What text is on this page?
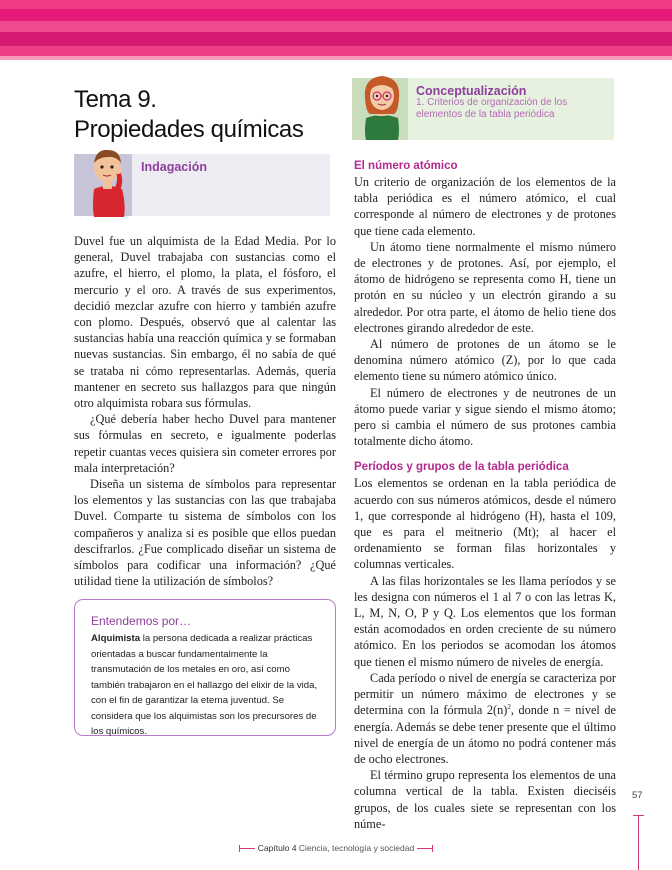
Tema 9.
Propiedades químicas
Indagación
Conceptualización
1. Criterios de organización de los elementos de la tabla periódica

Duvel fue un alquimista de la Edad Media. Por lo general, Duvel trabajaba con sustancias como el azufre, el hierro, el plomo, la plata, el fósforo, el mercurio y el oro. A través de sus experimentos, decidió mezclar azufre con hierro y también azufre con plomo. Después, observó que al calentar las sustancias había una reacción química y se formaban nuevas sustancias. Sin embargo, él no sabía de qué se trataba ni cómo representarlas. Además, quería mantener en secreto sus hallazgos para que ningún otro alquimista robara sus fórmulas.

¿Qué debería haber hecho Duvel para mantener sus fórmulas en secreto, e igualmente poderlas repetir cuantas veces quisiera sin cometer errores por mala interpretación?

Diseña un sistema de símbolos para representar los elementos y las sustancias con las que trabajaba Duvel. Comparte tu sistema de símbolos con los compañeros y analiza si es posible que ellos puedan descifrarlos. ¿Fue complicado diseñar un sistema de símbolos para codificar una información? ¿Qué utilidad tiene la utilización de símbolos?

Entendemos por…
Alquimista la persona dedicada a realizar prácticas orientadas a buscar fundamentalmente la transmutación de los metales en oro, así como también trabajaron en el hallazgo del elixir de la vida, con el fin de garantizar la eterna juventud. Se considera que los alquimistas son los precursores de los químicos.
El número atómico

Un criterio de organización de los elementos de la tabla periódica es el número atómico, el cual corresponde al número de electrones y de protones que tiene cada elemento.

Un átomo tiene normalmente el mismo número de electrones y de protones. Así, por ejemplo, el átomo de hidrógeno se representa como H, tiene un protón en su núcleo y un electrón girando a su alrededor. Por otra parte, el átomo de helio tiene dos electrones girando alrededor de este.

Al número de protones de un átomo se le denomina número atómico (Z), por lo que cada elemento tiene su número atómico único.

El número de electrones y de neutrones de un átomo puede variar y sigue siendo el mismo átomo; pero si cambia el número de sus protones cambia totalmente dicho átomo.

Períodos y grupos de la tabla periódica

Los elementos se ordenan en la tabla periódica de acuerdo con sus números atómicos, desde el número 1, que corresponde al hidrógeno (H), hasta el 109, que es para el meitnerio (Mt); al hacer el ordenamiento se forman filas horizontales y columnas verticales.

A las filas horizontales se les llama períodos y se les designa con números el 1 al 7 o con las letras K, L, M, N, O, P y Q. Los elementos que los forman están acomodados en orden creciente de su número atómico. En los periodos se acomodan los átomos que tienen el mismo número de niveles de energía.

Cada período o nivel de energía se caracteriza por permitir un número máximo de electrones y se determina con la fórmula $2(n)^2$, donde n = nivel de energía. Además se debe tener presente que el último nivel de energía de un átomo no podrá contener más de ocho electrones.

El término grupo representa los elementos de una columna vertical de la tabla. Existen dieciséis grupos, de los cuales siete se representan con los núme-

57
Capítulo 4 Ciencia, tecnología y sociedad
